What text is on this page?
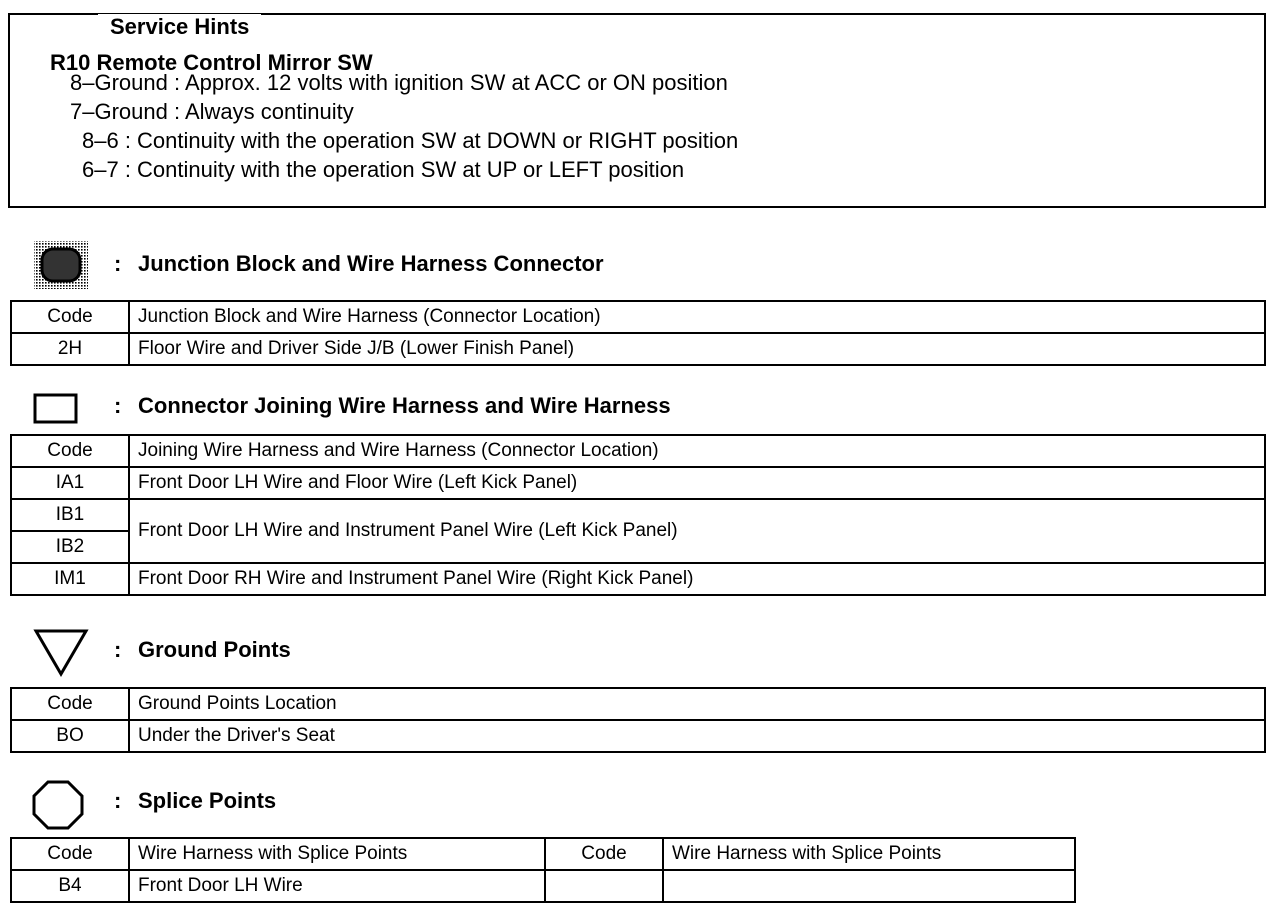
Service Hints
R10 Remote Control Mirror SW
8–Ground : Approx. 12 volts with ignition SW at ACC or ON position
7–Ground : Always continuity
8–6 : Continuity with the operation SW at DOWN or RIGHT position
6–7 : Continuity with the operation SW at UP or LEFT position
: Junction Block and Wire Harness Connector
Code	Junction Block and Wire Harness (Connector Location)
2H	Floor Wire and Driver Side J/B (Lower Finish Panel)
: Connector Joining Wire Harness and Wire Harness
Code	Joining Wire Harness and Wire Harness (Connector Location)
IA1	Front Door LH Wire and Floor Wire (Left Kick Panel)
IB1	Front Door LH Wire and Instrument Panel Wire (Left Kick Panel)
IB2	
IM1	Front Door RH Wire and Instrument Panel Wire (Right Kick Panel)
: Ground Points
Code	Ground Points Location
BO	Under the Driver's Seat
: Splice Points
Code	Wire Harness with Splice Points	Code	Wire Harness with Splice Points
B4	Front Door LH Wire		
